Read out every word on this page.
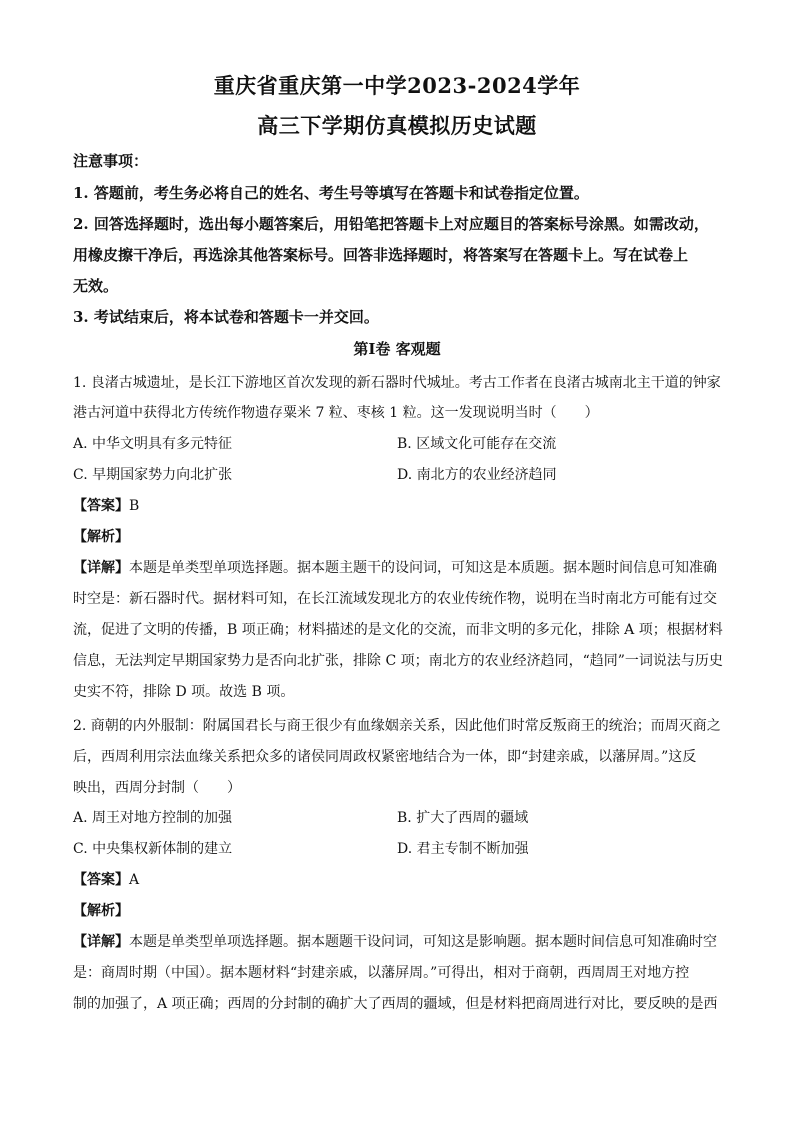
重庆省重庆第一中学2023-2024学年
高三下学期仿真模拟历史试题
注意事项：
1. 答题前，考生务必将自己的姓名、考生号等填写在答题卡和试卷指定位置。
2. 回答选择题时，选出每小题答案后，用铅笔把答题卡上对应题目的答案标号涂黑。如需改动，
用橡皮擦干净后，再选涂其他答案标号。回答非选择题时，将答案写在答题卡上。写在试卷上
无效。
3. 考试结束后，将本试卷和答题卡一并交回。
第Ⅰ卷 客观题
1. 良渚古城遗址，是长江下游地区首次发现的新石器时代城址。考古工作者在良渚古城南北主干道的钟家
港古河道中获得北方传统作物遗存粟米 7 粒、枣核 1 粒。这一发现说明当时（　　）
A. 中华文明具有多元特征	B. 区域文化可能存在交流
C. 早期国家势力向北扩张	D. 南北方的农业经济趋同
【答案】B
【解析】
【详解】本题是单类型单项选择题。据本题主题干的设问词，可知这是本质题。据本题时间信息可知准确
时空是：新石器时代。据材料可知，在长江流域发现北方的农业传统作物，说明在当时南北方可能有过交
流，促进了文明的传播，B 项正确；材料描述的是文化的交流，而非文明的多元化，排除 A 项；根据材料
信息，无法判定早期国家势力是否向北扩张，排除 C 项；南北方的农业经济趋同，“趋同”一词说法与历史
史实不符，排除 D 项。故选 B 项。
2. 商朝的内外服制：附属国君长与商王很少有血缘姻亲关系，因此他们时常反叛商王的统治；而周灭商之
后，西周利用宗法血缘关系把众多的诸侯同周政权紧密地结合为一体，即“封建亲戚，以藩屏周。”这反
映出，西周分封制（　　）
A. 周王对地方控制的加强	B. 扩大了西周的疆域
C. 中央集权新体制的建立	D. 君主专制不断加强
【答案】A
【解析】
【详解】本题是单类型单项选择题。据本题题干设问词，可知这是影响题。据本题时间信息可知准确时空
是：商周时期（中国）。据本题材料“封建亲戚，以藩屏周。”可得出，相对于商朝，西周周王对地方控
制的加强了，A 项正确；西周的分封制的确扩大了西周的疆域，但是材料把商周进行对比，要反映的是西
